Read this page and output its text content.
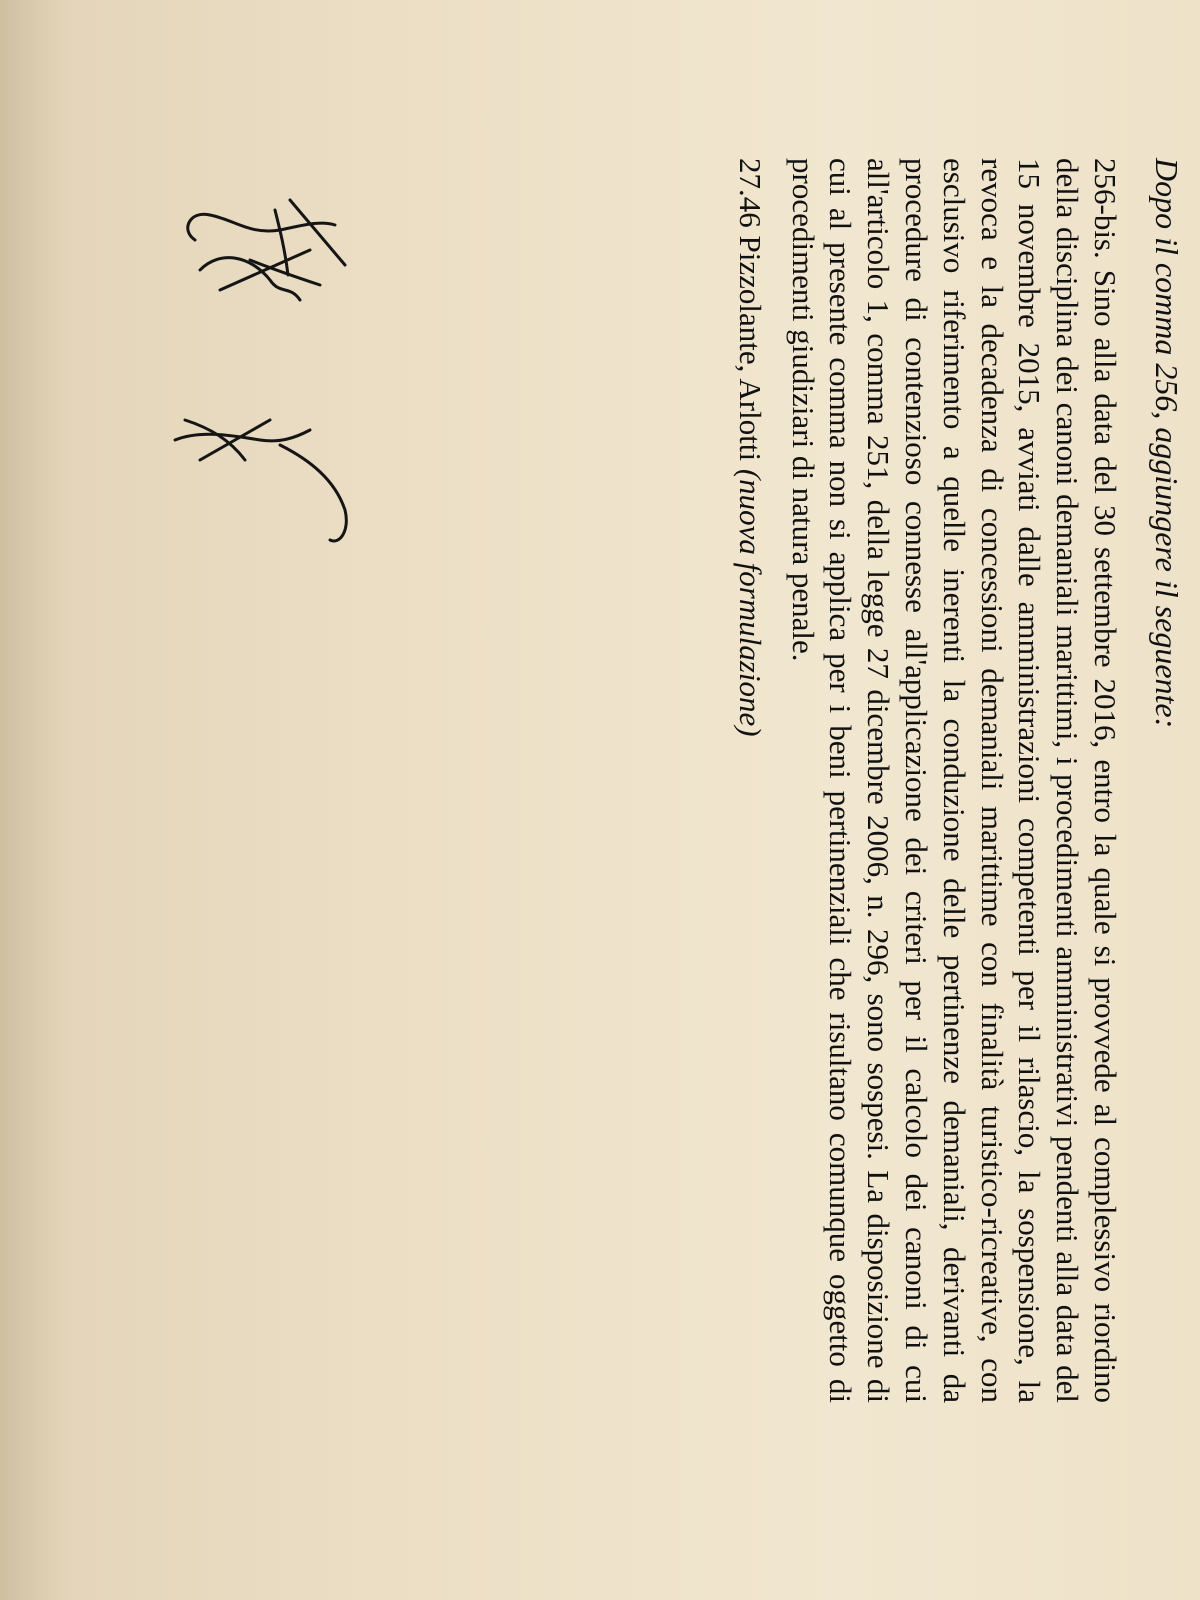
Dopo il comma 256, aggiungere il seguente:

256-bis. Sino alla data del 30 settembre 2016, entro la quale si provvede al complessivo riordino della disciplina dei canoni demaniali marittimi, i procedimenti amministrativi pendenti alla data del 15 novembre 2015, avviati dalle amministrazioni competenti per il rilascio, la sospensione, la revoca e la decadenza di concessioni demaniali marittime con finalità turistico-ricreative, con esclusivo riferimento a quelle inerenti la conduzione delle pertinenze demaniali, derivanti da procedure di contenzioso connesse all'applicazione dei criteri per il calcolo dei canoni di cui all'articolo 1, comma 251, della legge 27 dicembre 2006, n. 296, sono sospesi. La disposizione di cui al presente comma non si applica per i beni pertinenziali che risultano comunque oggetto di procedimenti giudiziari di natura penale.

27.46 Pizzolante, Arlotti (nuova formulazione)
